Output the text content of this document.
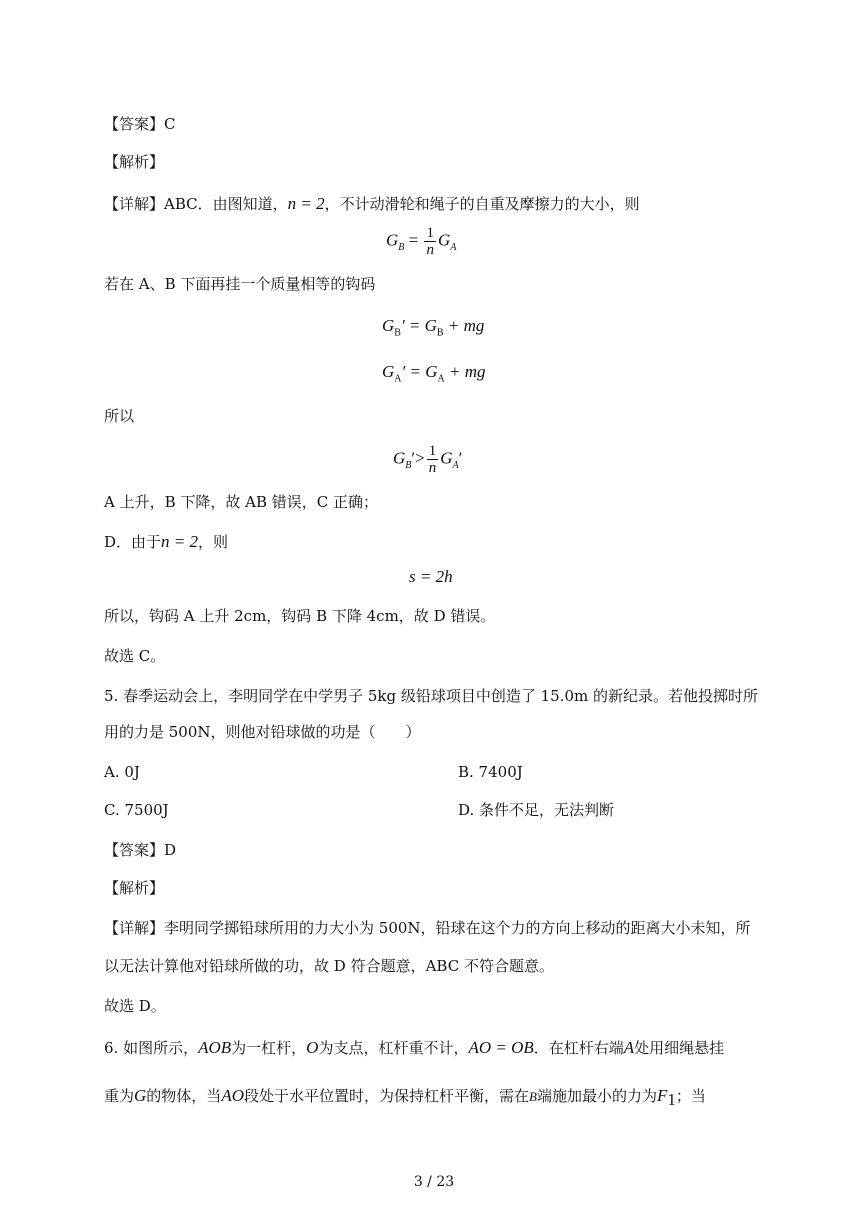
【答案】C
【解析】
【详解】ABC．由图知道，n = 2，不计动滑轮和绳子的自重及摩擦力的大小，则
$G_B = \frac{1}{n} G_A$
若在 A、B 下面再挂一个质量相等的钩码
$G_B' = G_B$ + mg
$G_A' = G_A$ + mg
所以
$G_B'> \frac{1}{n} G_A'$
A 上升，B 下降，故 AB 错误，C 正确；
D．由于n = 2，则
s = 2h
所以，钩码 A 上升 2cm，钩码 B 下降 4cm，故 D 错误。
故选 C。
5. 春季运动会上，李明同学在中学男子 5kg 级铅球项目中创造了 15.0m 的新纪录。若他投掷时所
用的力是 500N，则他对铅球做的功是（　　）
A. 0J	B. 7400J
C. 7500J	D. 条件不足，无法判断
【答案】D
【解析】
【详解】李明同学掷铅球所用的力大小为 500N，铅球在这个力的方向上移动的距离大小未知，所
以无法计算他对铅球所做的功，故 D 符合题意，ABC 不符合题意。
故选 D。
6. 如图所示，AOB为一杠杆，O为支点，杠杆重不计，AO = OB．在杠杆右端A处用细绳悬挂
重为G的物体，当AO段处于水平位置时，为保持杠杆平衡，需在B端施加最小的力为$F_1$；当
3 / 23
